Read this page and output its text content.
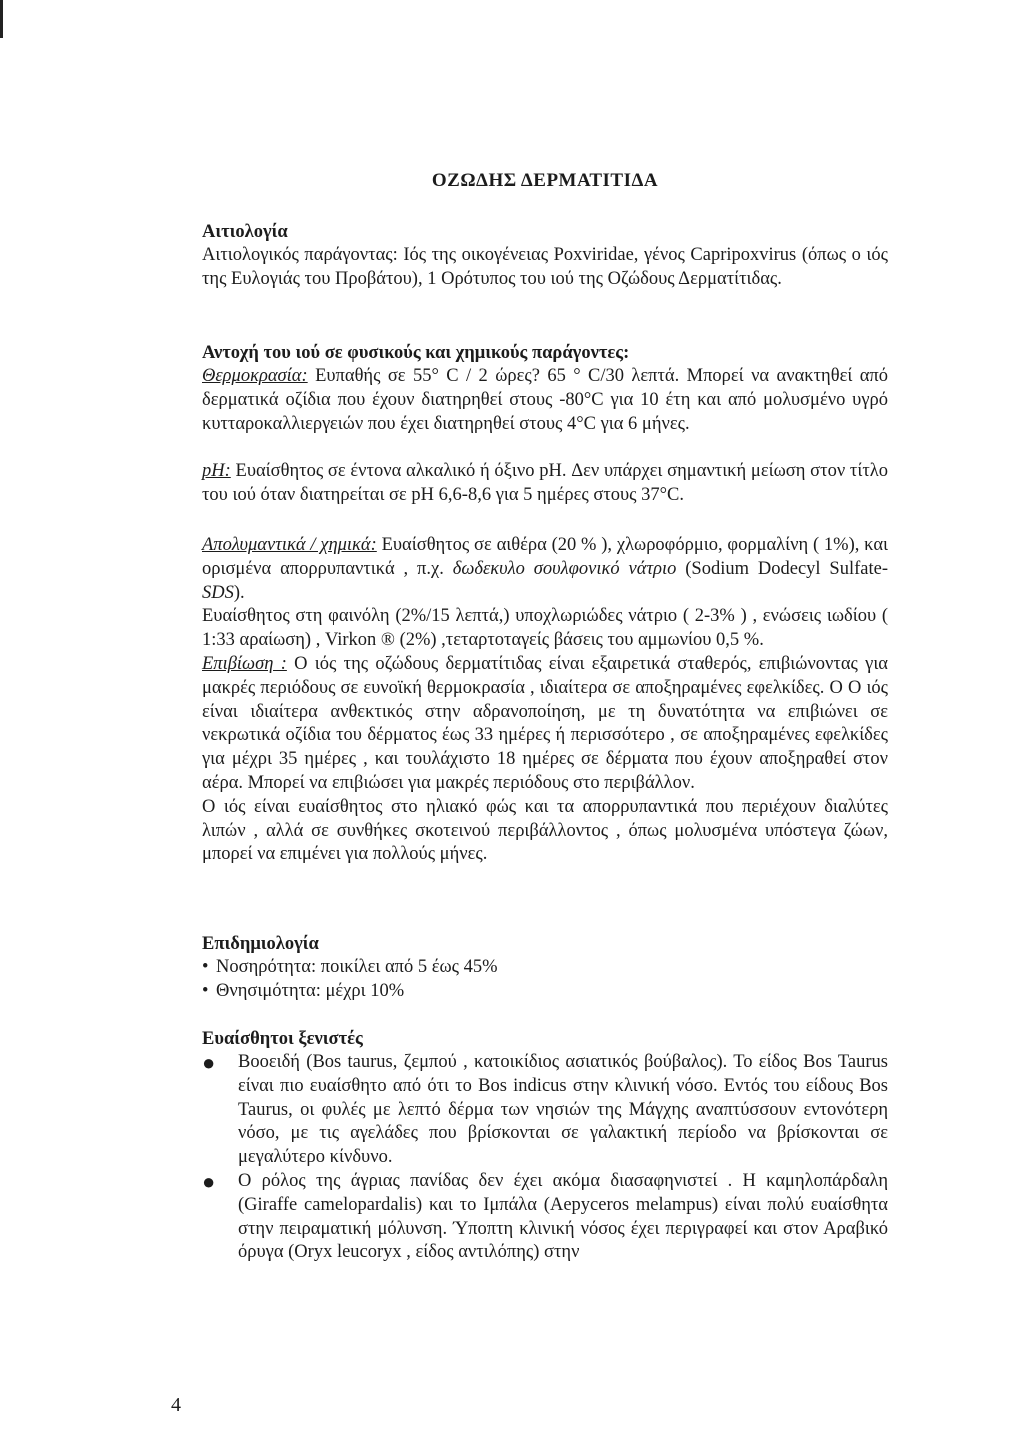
ΟΖΩΔΗΣ ΔΕΡΜΑΤΙΤΙΔΑ
Αιτιολογία

Αιτιολογικός παράγοντας: Ιός της οικογένειας Poxviridae, γένος Capripoxvirus (όπως ο ιός της Ευλογιάς του Προβάτου), 1 Ορότυπος του ιού της Οζώδους Δερματίτιδας.

Αντοχή του ιού σε φυσικούς και χημικούς παράγοντες:

Θερμοκρασία: Ευπαθής σε 55° C / 2 ώρες? 65 ° C/30 λεπτά. Μπορεί να ανακτηθεί από δερματικά οζίδια που έχουν διατηρηθεί στους -80°C για 10 έτη και από μολυσμένο υγρό κυτταροκαλλιεργειών που έχει διατηρηθεί στους 4°C για 6 μήνες.

pH: Ευαίσθητος σε έντονα αλκαλικό ή όξινο pH. Δεν υπάρχει σημαντική μείωση στον τίτλο του ιού όταν διατηρείται σε pH 6,6-8,6 για 5 ημέρες στους 37°C.

Απολυμαντικά / χημικά: Ευαίσθητος σε αιθέρα (20 % ), χλωροφόρμιο, φορμαλίνη ( 1%), και ορισμένα απορρυπαντικά , π.χ. δωδεκυλο σουλφονικό νάτριο (Sodium Dodecyl Sulfate-SDS).

Ευαίσθητος στη φαινόλη (2%/15 λεπτά,) υποχλωριώδες νάτριο ( 2-3% ) , ενώσεις ιωδίου ( 1:33 αραίωση) , Virkon ® (2%) ,τεταρτοταγείς βάσεις του αμμωνίου 0,5 %.

Επιβίωση : Ο ιός της οζώδους δερματίτιδας είναι εξαιρετικά σταθερός, επιβιώνοντας για μακρές περιόδους σε ευνοϊκή θερμοκρασία , ιδιαίτερα σε αποξηραμένες εφελκίδες. Ο Ο ιός είναι ιδιαίτερα ανθεκτικός στην αδρανοποίηση, με τη δυνατότητα να επιβιώνει σε νεκρωτικά οζίδια του δέρματος έως 33 ημέρες ή περισσότερο , σε αποξηραμένες εφελκίδες για μέχρι 35 ημέρες , και τουλάχιστο 18 ημέρες σε δέρματα που έχουν αποξηραθεί στον αέρα. Μπορεί να επιβιώσει για μακρές περιόδους στο περιβάλλον.

Ο ιός είναι ευαίσθητος στο ηλιακό φώς και τα απορρυπαντικά που περιέχουν διαλύτες λιπών , αλλά σε συνθήκες σκοτεινού περιβάλλοντος , όπως μολυσμένα υπόστεγα ζώων, μπορεί να επιμένει για πολλούς μήνες.

Επιδημιολογία
• Νοσηρότητα: ποικίλει από 5 έως 45%
• Θνησιμότητα: μέχρι 10%
Ευαίσθητοι ξενιστές
● Βοοειδή (Bos taurus, ζεμπού , κατοικίδιος ασιατικός βούβαλος). Το είδος Bos Taurus είναι πιο ευαίσθητο από ότι το Bos indicus στην κλινική νόσο. Εντός του είδους Bos Taurus, οι φυλές με λεπτό δέρμα των νησιών της Μάγχης αναπτύσσουν εντονότερη νόσο, με τις αγελάδες που βρίσκονται σε γαλακτική περίοδο να βρίσκονται σε μεγαλύτερο κίνδυνο.
● Ο ρόλος της άγριας πανίδας δεν έχει ακόμα διασαφηνιστεί . Η καμηλοπάρδαλη (Giraffe camelopardalis) και το Ιμπάλα (Aepyceros melampus) είναι πολύ ευαίσθητα στην πειραματική μόλυνση. Ύποπτη κλινική νόσος έχει περιγραφεί και στον Αραβικό όρυγα (Oryx leucoryx , είδος αντιλόπης) στην
4
